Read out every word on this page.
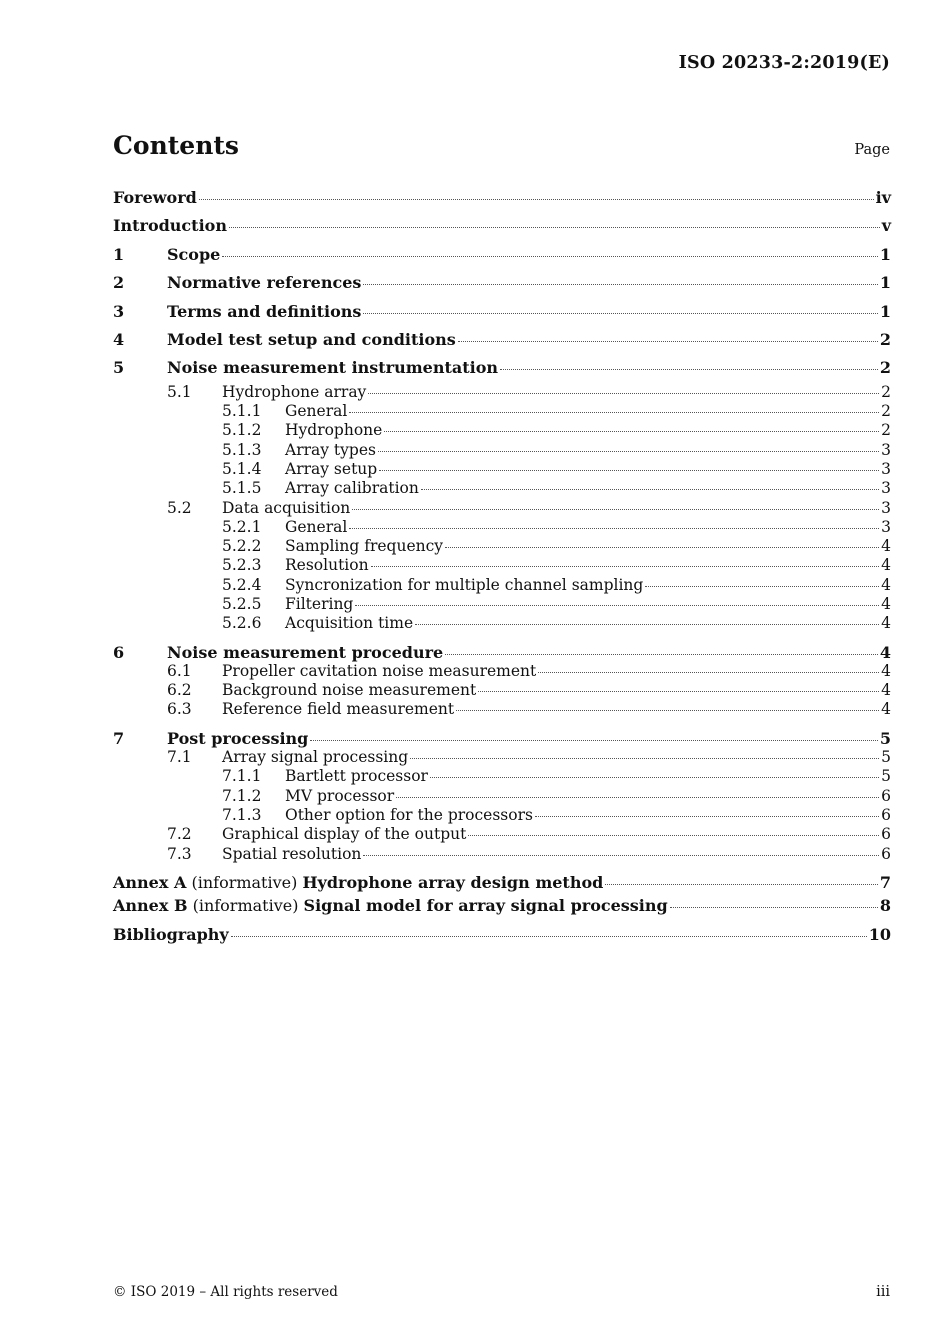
ISO 20233-2:2019(E)
Contents	Page
Foreword	iv
Introduction	v
1	Scope	1
2	Normative references	1
3	Terms and definitions	1
4	Model test setup and conditions	2
5	Noise measurement instrumentation	2
5.1	Hydrophone array	2
5.1.1	General	2
5.1.2	Hydrophone	2
5.1.3	Array types	3
5.1.4	Array setup	3
5.1.5	Array calibration	3
5.2	Data acquisition	3
5.2.1	General	3
5.2.2	Sampling frequency	4
5.2.3	Resolution	4
5.2.4	Syncronization for multiple channel sampling	4
5.2.5	Filtering	4
5.2.6	Acquisition time	4
6	Noise measurement procedure	4
6.1	Propeller cavitation noise measurement	4
6.2	Background noise measurement	4
6.3	Reference field measurement	4
7	Post processing	5
7.1	Array signal processing	5
7.1.1	Bartlett processor	5
7.1.2	MV processor	6
7.1.3	Other option for the processors	6
7.2	Graphical display of the output	6
7.3	Spatial resolution	6
Annex A (informative) Hydrophone array design method	7
Annex B (informative) Signal model for array signal processing	8
Bibliography	10
© ISO 2019 – All rights reserved	iii
